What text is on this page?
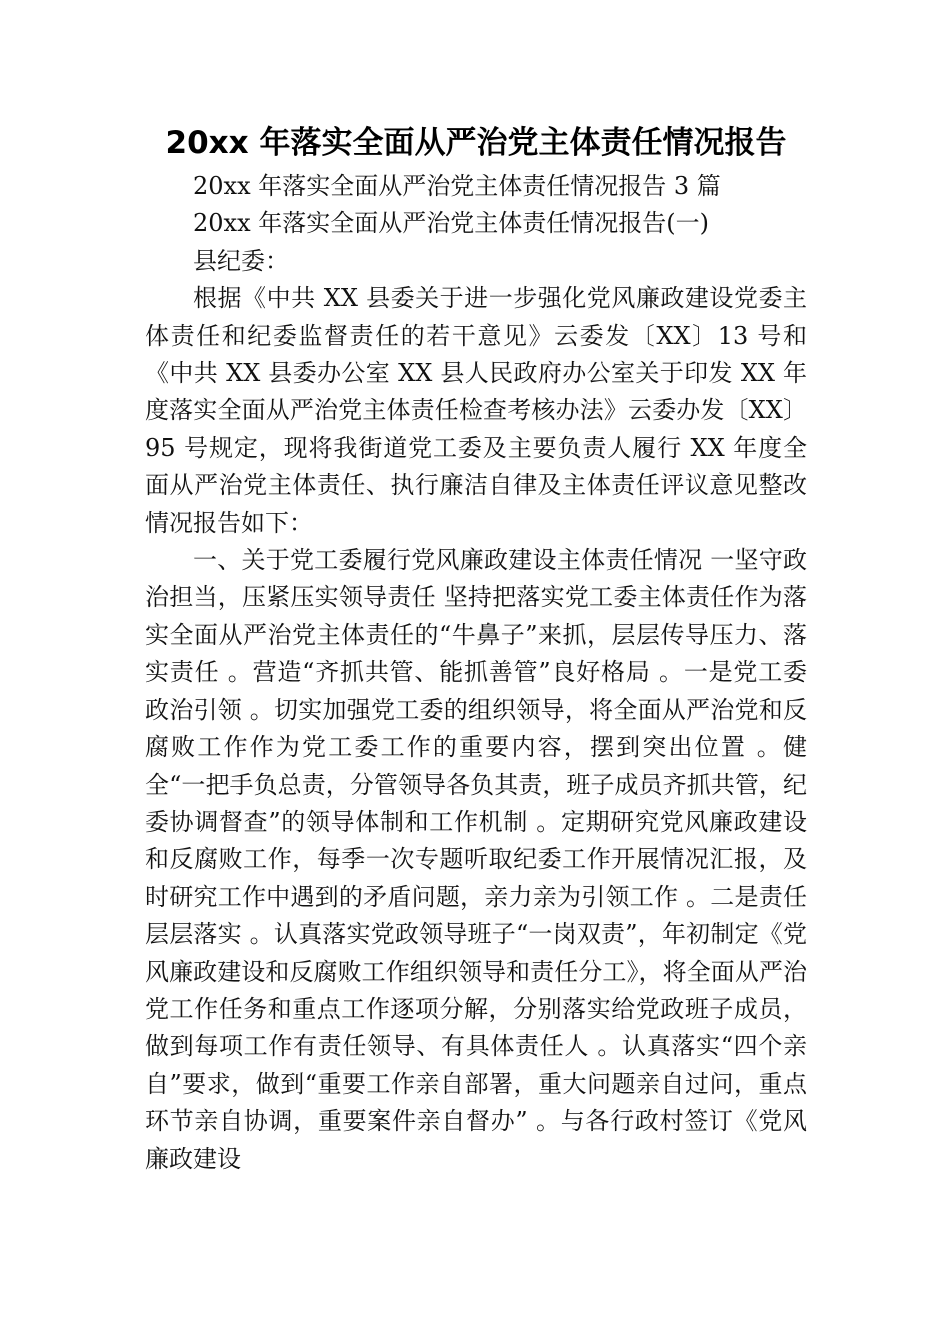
20xx 年落实全面从严治党主体责任情况报告

20xx 年落实全面从严治党主体责任情况报告 3 篇

20xx 年落实全面从严治党主体责任情况报告(一)

县纪委：

根据《中共 XX 县委关于进一步强化党风廉政建设党委主体责任和纪委监督责任的若干意见》云委发〔XX〕13 号和《中共 XX 县委办公室 XX 县人民政府办公室关于印发 XX 年度落实全面从严治党主体责任检查考核办法》云委办发〔XX〕95 号规定，现将我街道党工委及主要负责人履行 XX 年度全面从严治党主体责任、执行廉洁自律及主体责任评议意见整改情况报告如下：

一、关于党工委履行党风廉政建设主体责任情况 一坚守政治担当，压紧压实领导责任 坚持把落实党工委主体责任作为落实全面从严治党主体责任的“牛鼻子”来抓，层层传导压力、落实责任 。营造“齐抓共管、能抓善管”良好格局 。一是党工委政治引领 。切实加强党工委的组织领导，将全面从严治党和反腐败工作作为党工委工作的重要内容，摆到突出位置 。健全“一把手负总责，分管领导各负其责，班子成员齐抓共管，纪委协调督查”的领导体制和工作机制 。定期研究党风廉政建设和反腐败工作，每季一次专题听取纪委工作开展情况汇报，及时研究工作中遇到的矛盾问题，亲力亲为引领工作 。二是责任层层落实 。认真落实党政领导班子“一岗双责”，年初制定《党风廉政建设和反腐败工作组织领导和责任分工》，将全面从严治党工作任务和重点工作逐项分解，分别落实给党政班子成员，做到每项工作有责任领导、有具体责任人 。认真落实“四个亲自”要求，做到“重要工作亲自部署，重大问题亲自过问，重点环节亲自协调，重要案件亲自督办” 。与各行政村签订《党风廉政建设
